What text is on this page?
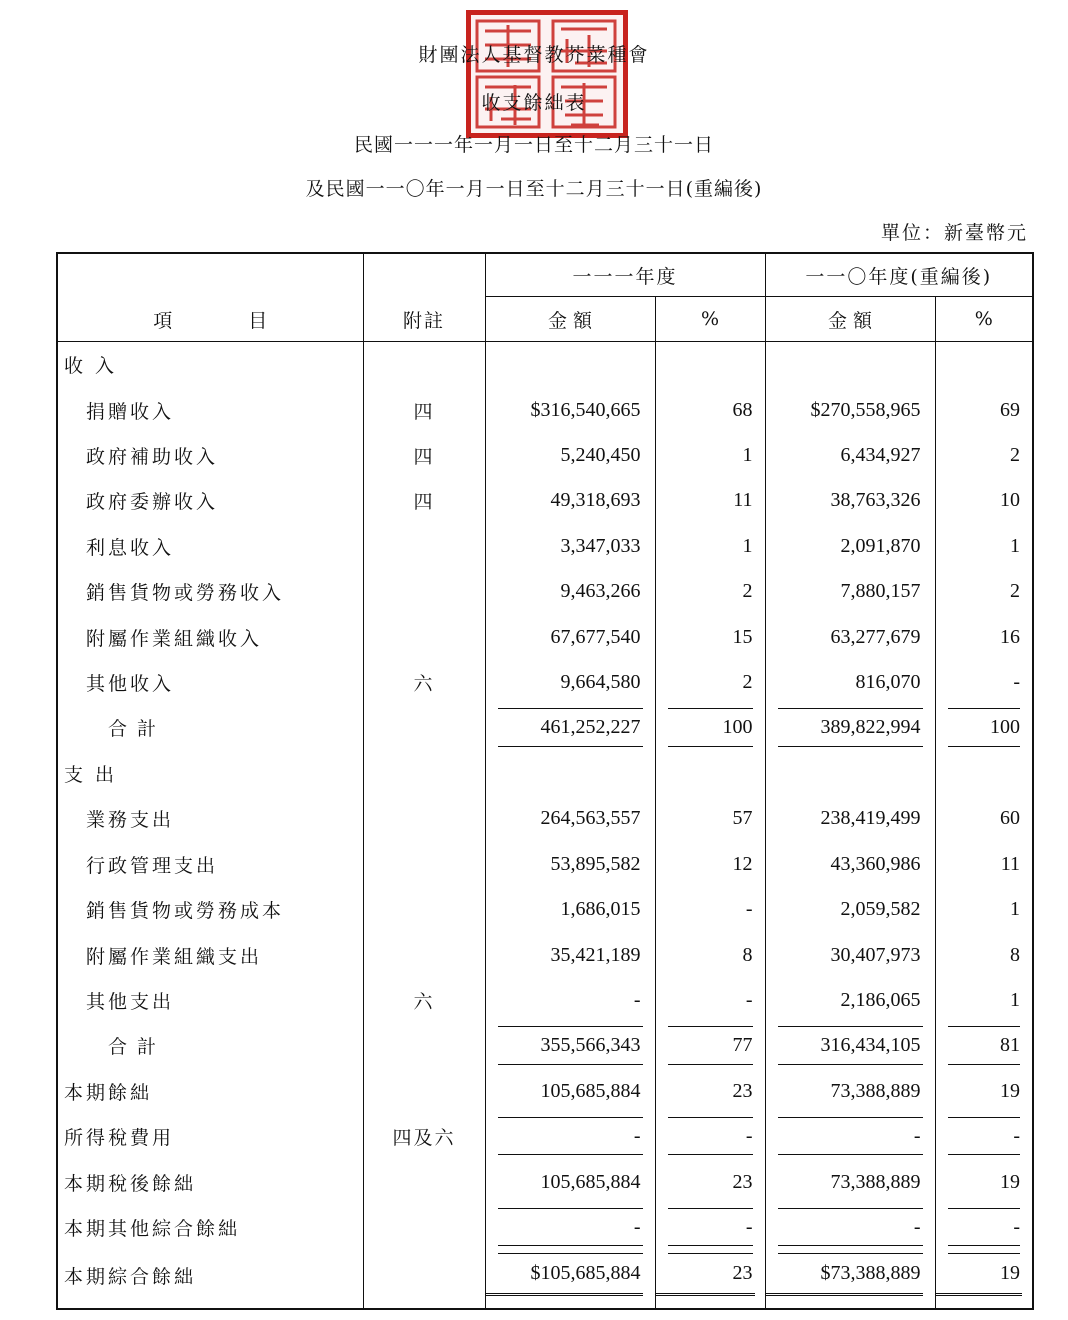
財團法人基督教芥菜種會
收支餘絀表
民國一一一年一月一日至十二月三十一日
及民國一一〇年一月一日至十二月三十一日(重編後)
單位：新臺幣元
項　　　　目	附註	一一一年度		一一〇年度(重編後)	
		金 額	%	金 額	%
收 入					
捐贈收入	四	$316,540,665	68	$270,558,965	69
政府補助收入	四	5,240,450	1	6,434,927	2
政府委辦收入	四	49,318,693	11	38,763,326	10
利息收入		3,347,033	1	2,091,870	1
銷售貨物或勞務收入		9,463,266	2	7,880,157	2
附屬作業組織收入		67,677,540	15	63,277,679	16
其他收入	六	9,664,580	2	816,070	-
合計		461,252,227	100	389,822,994	100
支 出					
業務支出		264,563,557	57	238,419,499	60
行政管理支出		53,895,582	12	43,360,986	11
銷售貨物或勞務成本		1,686,015	-	2,059,582	1
附屬作業組織支出		35,421,189	8	30,407,973	8
其他支出	六	-	-	2,186,065	1
合計		355,566,343	77	316,434,105	81
本期餘絀		105,685,884	23	73,388,889	19
所得稅費用	四及六	-	-	-	-
本期稅後餘絀		105,685,884	23	73,388,889	19
本期其他綜合餘絀		-	-	-	-
本期綜合餘絀		$105,685,884	23	$73,388,889	19
